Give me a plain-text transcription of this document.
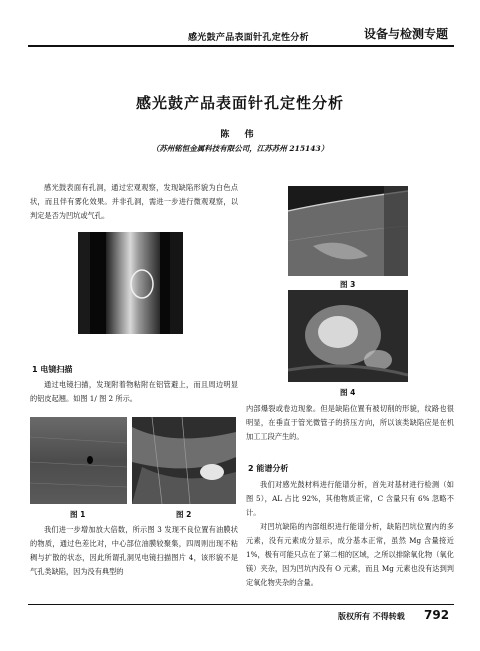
感光鼓产品表面针孔定性分析	设备与检测专题
感光鼓产品表面针孔定性分析
陈 伟
（苏州铭恒金属科技有限公司，江苏苏州 215143）

感光鼓表面有孔洞，通过宏观观察，发现缺陷形貌为白色点状，而且伴有雾化效果。并非孔洞，需进一步进行微观观察，以判定是否为凹坑或气孔。

1 电镜扫描

通过电镜扫描，发现附着物粘附在铝管避上，而且周边明显的铝皮起翘。如图 1/ 图 2 所示。

图 1	图 2

我们进一步增加放大倍数，所示图 3 发现不良位置有油膜状的物质，通过色差比对，中心部位油膜较聚集，四周则出现不粘稠与扩散的状态，因此所谓孔洞见电镜扫描图片 4，该形貌不是气孔类缺陷，因为没有典型的

图 3
图 4

内部爆裂或卷边现象。但是缺陷位置有被切削的形貌，纹路也很明显，在垂直于管光微管子的挤压方向，所以该类缺陷应是在机加工工段产生的。

2 能谱分析

我们对感光鼓材料进行能谱分析，首先对基材进行检测（如图 5），AL 占比 92%，其他物质正常，C 含量只有 6% 忽略不计。

对凹坑缺陷的内部组织进行能谱分析，缺陷凹坑位置内的多元素，没有元素成分显示，成分基本正常，虽然 Mg 含量接近 1%，极有可能只点在了第二相的区域，之所以排除氧化物（氧化镁）夹杂，因为凹坑内没有 O 元素，而且 Mg 元素也没有达到判定氧化物夹杂的含量。

版权所有 不得转载 792
